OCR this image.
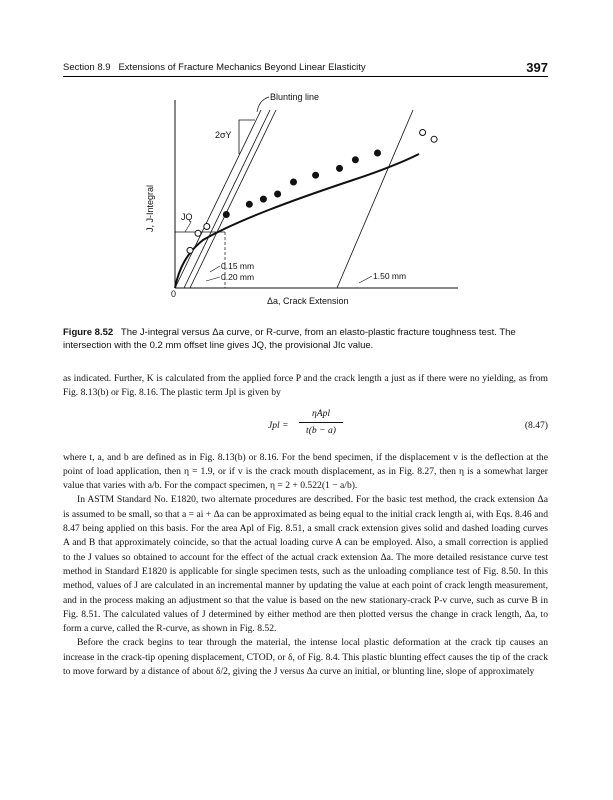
Section 8.9 Extensions of Fracture Mechanics Beyond Linear Elasticity	397
2σY
Blunting line
JQ
0.15 mm
0.20 mm	1.50 mm
0
Δa, Crack Extension
J, J-Integral
Figure 8.52 The J-integral versus Δa curve, or R-curve, from an elasto-plastic fracture toughness test. The intersection with the 0.2 mm offset line gives JQ, the provisional JIc value.

as indicated. Further, K is calculated from the applied force P and the crack length a just as if there were no yielding, as from Fig. 8.13(b) or Fig. 8.16. The plastic term Jpl is given by

Jpl =
ηApl
t(b − a)	(8.47)

where t, a, and b are defined as in Fig. 8.13(b) or 8.16. For the bend specimen, if the displacement v is the deflection at the point of load application, then η = 1.9, or if v is the crack mouth displacement, as in Fig. 8.27, then η is a somewhat larger value that varies with a/b. For the compact specimen, η = 2 + 0.522(1 − a/b).

In ASTM Standard No. E1820, two alternate procedures are described. For the basic test method, the crack extension Δa is assumed to be small, so that a = ai + Δa can be approximated as being equal to the initial crack length ai, with Eqs. 8.46 and 8.47 being applied on this basis. For the area Apl of Fig. 8.51, a small crack extension gives solid and dashed loading curves A and B that approximately coincide, so that the actual loading curve A can be employed. Also, a small correction is applied to the J values so obtained to account for the effect of the actual crack extension Δa. The more detailed resistance curve test method in Standard E1820 is applicable for single specimen tests, such as the unloading compliance test of Fig. 8.50. In this method, values of J are calculated in an incremental manner by updating the value at each point of crack length measurement, and in the process making an adjustment so that the value is based on the new stationary-crack P-v curve, such as curve B in Fig. 8.51. The calculated values of J determined by either method are then plotted versus the change in crack length, Δa, to form a curve, called the R-curve, as shown in Fig. 8.52.

Before the crack begins to tear through the material, the intense local plastic deformation at the crack tip causes an increase in the crack-tip opening displacement, CTOD, or δ, of Fig. 8.4. This plastic blunting effect causes the tip of the crack to move forward by a distance of about δ/2, giving the J versus Δa curve an initial, or blunting line, slope of approximately
